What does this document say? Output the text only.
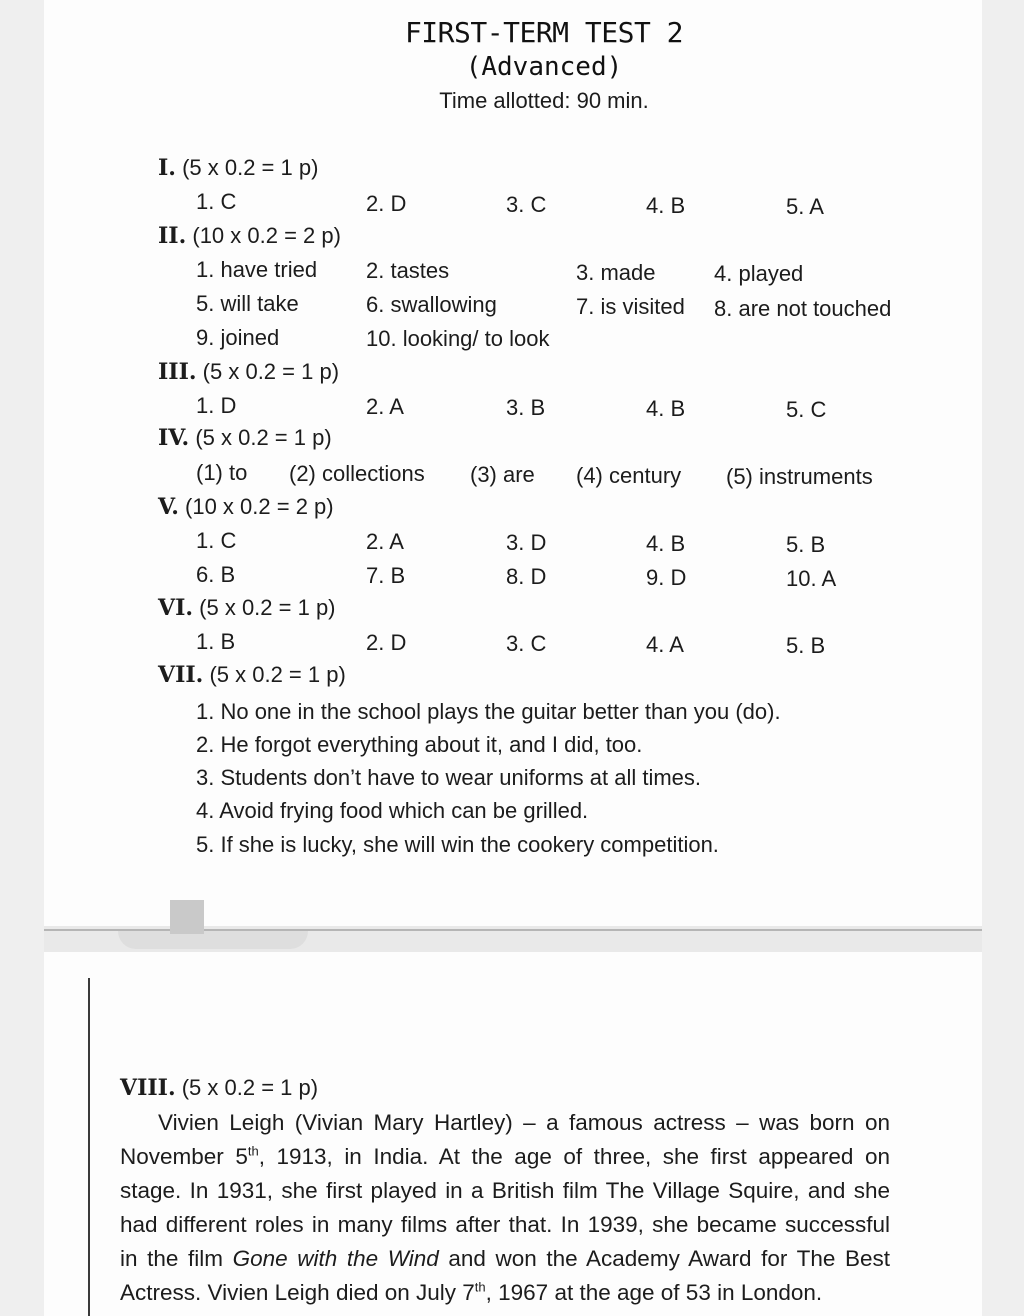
FIRST-TERM TEST 2
(Advanced)
Time allotted: 90 min.
I. (5 x 0.2 = 1 p)
1. C	2. D	3. C	4. B	5. A
II. (10 x 0.2 = 2 p)
1. have tried 2. tastes	3. made	4. played
5. will take	6. swallowing	7. is visited 8. are not touched
9. joined	10. looking/ to look
III. (5 x 0.2 = 1 p)
1. D	2. A	3. B	4. B	5. C
IV. (5 x 0.2 = 1 p)
(1) to (2) collections (3) are (4) century (5) instruments
V. (10 x 0.2 = 2 p)
1. C	2. A	3. D	4. B	5. B
6. B	7. B	8. D	9. D	10. A
VI. (5 x 0.2 = 1 p)
1. B	2. D	3. C	4. A	5. B
VII. (5 x 0.2 = 1 p)
1. No one in the school plays the guitar better than you (do).
2. He forgot everything about it, and I did, too.
3. Students don’t have to wear uniforms at all times.
4. Avoid frying food which can be grilled.
5. If she is lucky, she will win the cookery competition.
VIII. (5 x 0.2 = 1 p)
Vivien Leigh (Vivian Mary Hartley) – a famous actress – was born on
November 5th, 1913, in India. At the age of three, she first appeared on
stage. In 1931, she first played in a British film The Village Squire, and she
had different roles in many films after that. In 1939, she became successful
in the film Gone with the Wind and won the Academy Award for The Best
Actress. Vivien Leigh died on July 7th, 1967 at the age of 53 in London.
